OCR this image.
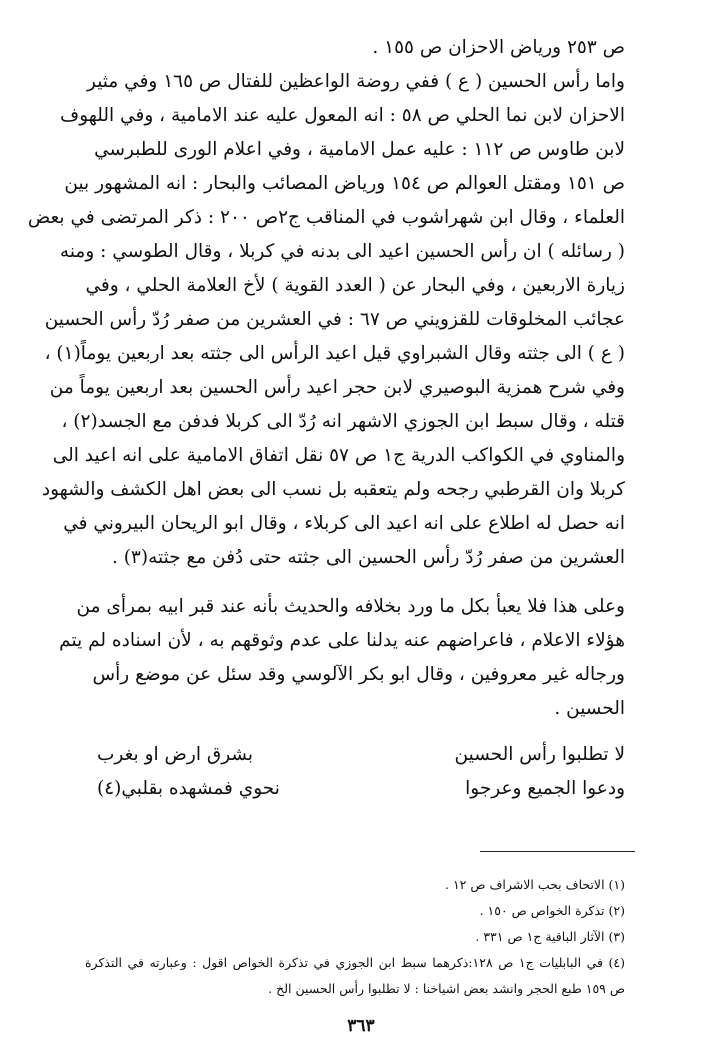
ص ٢٥٣ ورياض الاحزان ص ١٥٥ .
واما رأس الحسين ( ع ) ففي روضة الواعظين للفتال ص ١٦٥ وفي مثير
الاحزان لابن نما الحلي ص ٥٨ : انه المعول عليه عند الامامية ، وفي اللهوف
لابن طاوس ص ١١٢ : عليه عمل الامامية ، وفي اعلام الورى للطبرسي
ص ١٥١ ومقتل العوالم ص ١٥٤ ورياض المصائب والبحار : انه المشهور بين
العلماء ، وقال ابن شهراشوب في المناقب ج٢ص ٢٠٠ : ذكر المرتضى في بعض
( رسائله ) ان رأس الحسين اعيد الى بدنه في كربلا ، وقال الطوسي : ومنه
زيارة الاربعين ، وفي البحار عن ( العدد القوية ) لأخ العلامة الحلي ، وفي
عجائب المخلوقات للقزويني ص ٦٧ : في العشرين من صفر رُدّ رأس الحسين
( ع ) الى جثته وقال الشبراوي قيل اعيد الرأس الى جثته بعد اربعين يوماً(١) ،
وفي شرح همزية البوصيري لابن حجر اعيد رأس الحسين بعد اربعين يوماً من
قتله ، وقال سبط ابن الجوزي الاشهر انه رُدّ الى كربلا فدفن مع الجسد(٢) ،
والمناوي في الكواكب الدرية ج١ ص ٥٧ نقل اتفاق الامامية على انه اعيد الى
كربلا وان القرطبي رجحه ولم يتعقبه بل نسب الى بعض اهل الكشف والشهود
انه حصل له اطلاع على انه اعيد الى كربلاء ، وقال ابو الريحان البيروني في
العشرين من صفر رُدّ رأس الحسين الى جثته حتى دُفن مع جثته(٣) .
وعلى هذا فلا يعبأ بكل ما ورد بخلافه والحديث بأنه عند قبر ابيه بمرأى من
هؤلاء الاعلام ، فاعراضهم عنه يدلنا على عدم وثوقهم به ، لأن اسناده لم يتم
ورجاله غير معروفين ، وقال ابو بكر الآلوسي وقد سئل عن موضع رأس
الحسين .
لا تطلبوا رأس الحسين
بشرق ارض او بغرب
ودعوا الجميع وعرجوا
نحوي فمشهده بقلبي(٤)
(١) الاتحاف بحب الاشراف ص ١٢ .
(٢) تذكرة الخواص ص ١٥٠ .
(٣) الآثار الباقية ج١ ص ٣٣١ .
(٤) في البابليات ج١ ص ١٢٨:ذكرهما سبط ابن الجوزي في تذكرة الخواص اقول : وعبارته في التذكرة
ص ١٥٩ طبع الحجر وانشد بعض اشياخنا : لا تطلبوا رأس الحسين الخ .
٣٦٣
